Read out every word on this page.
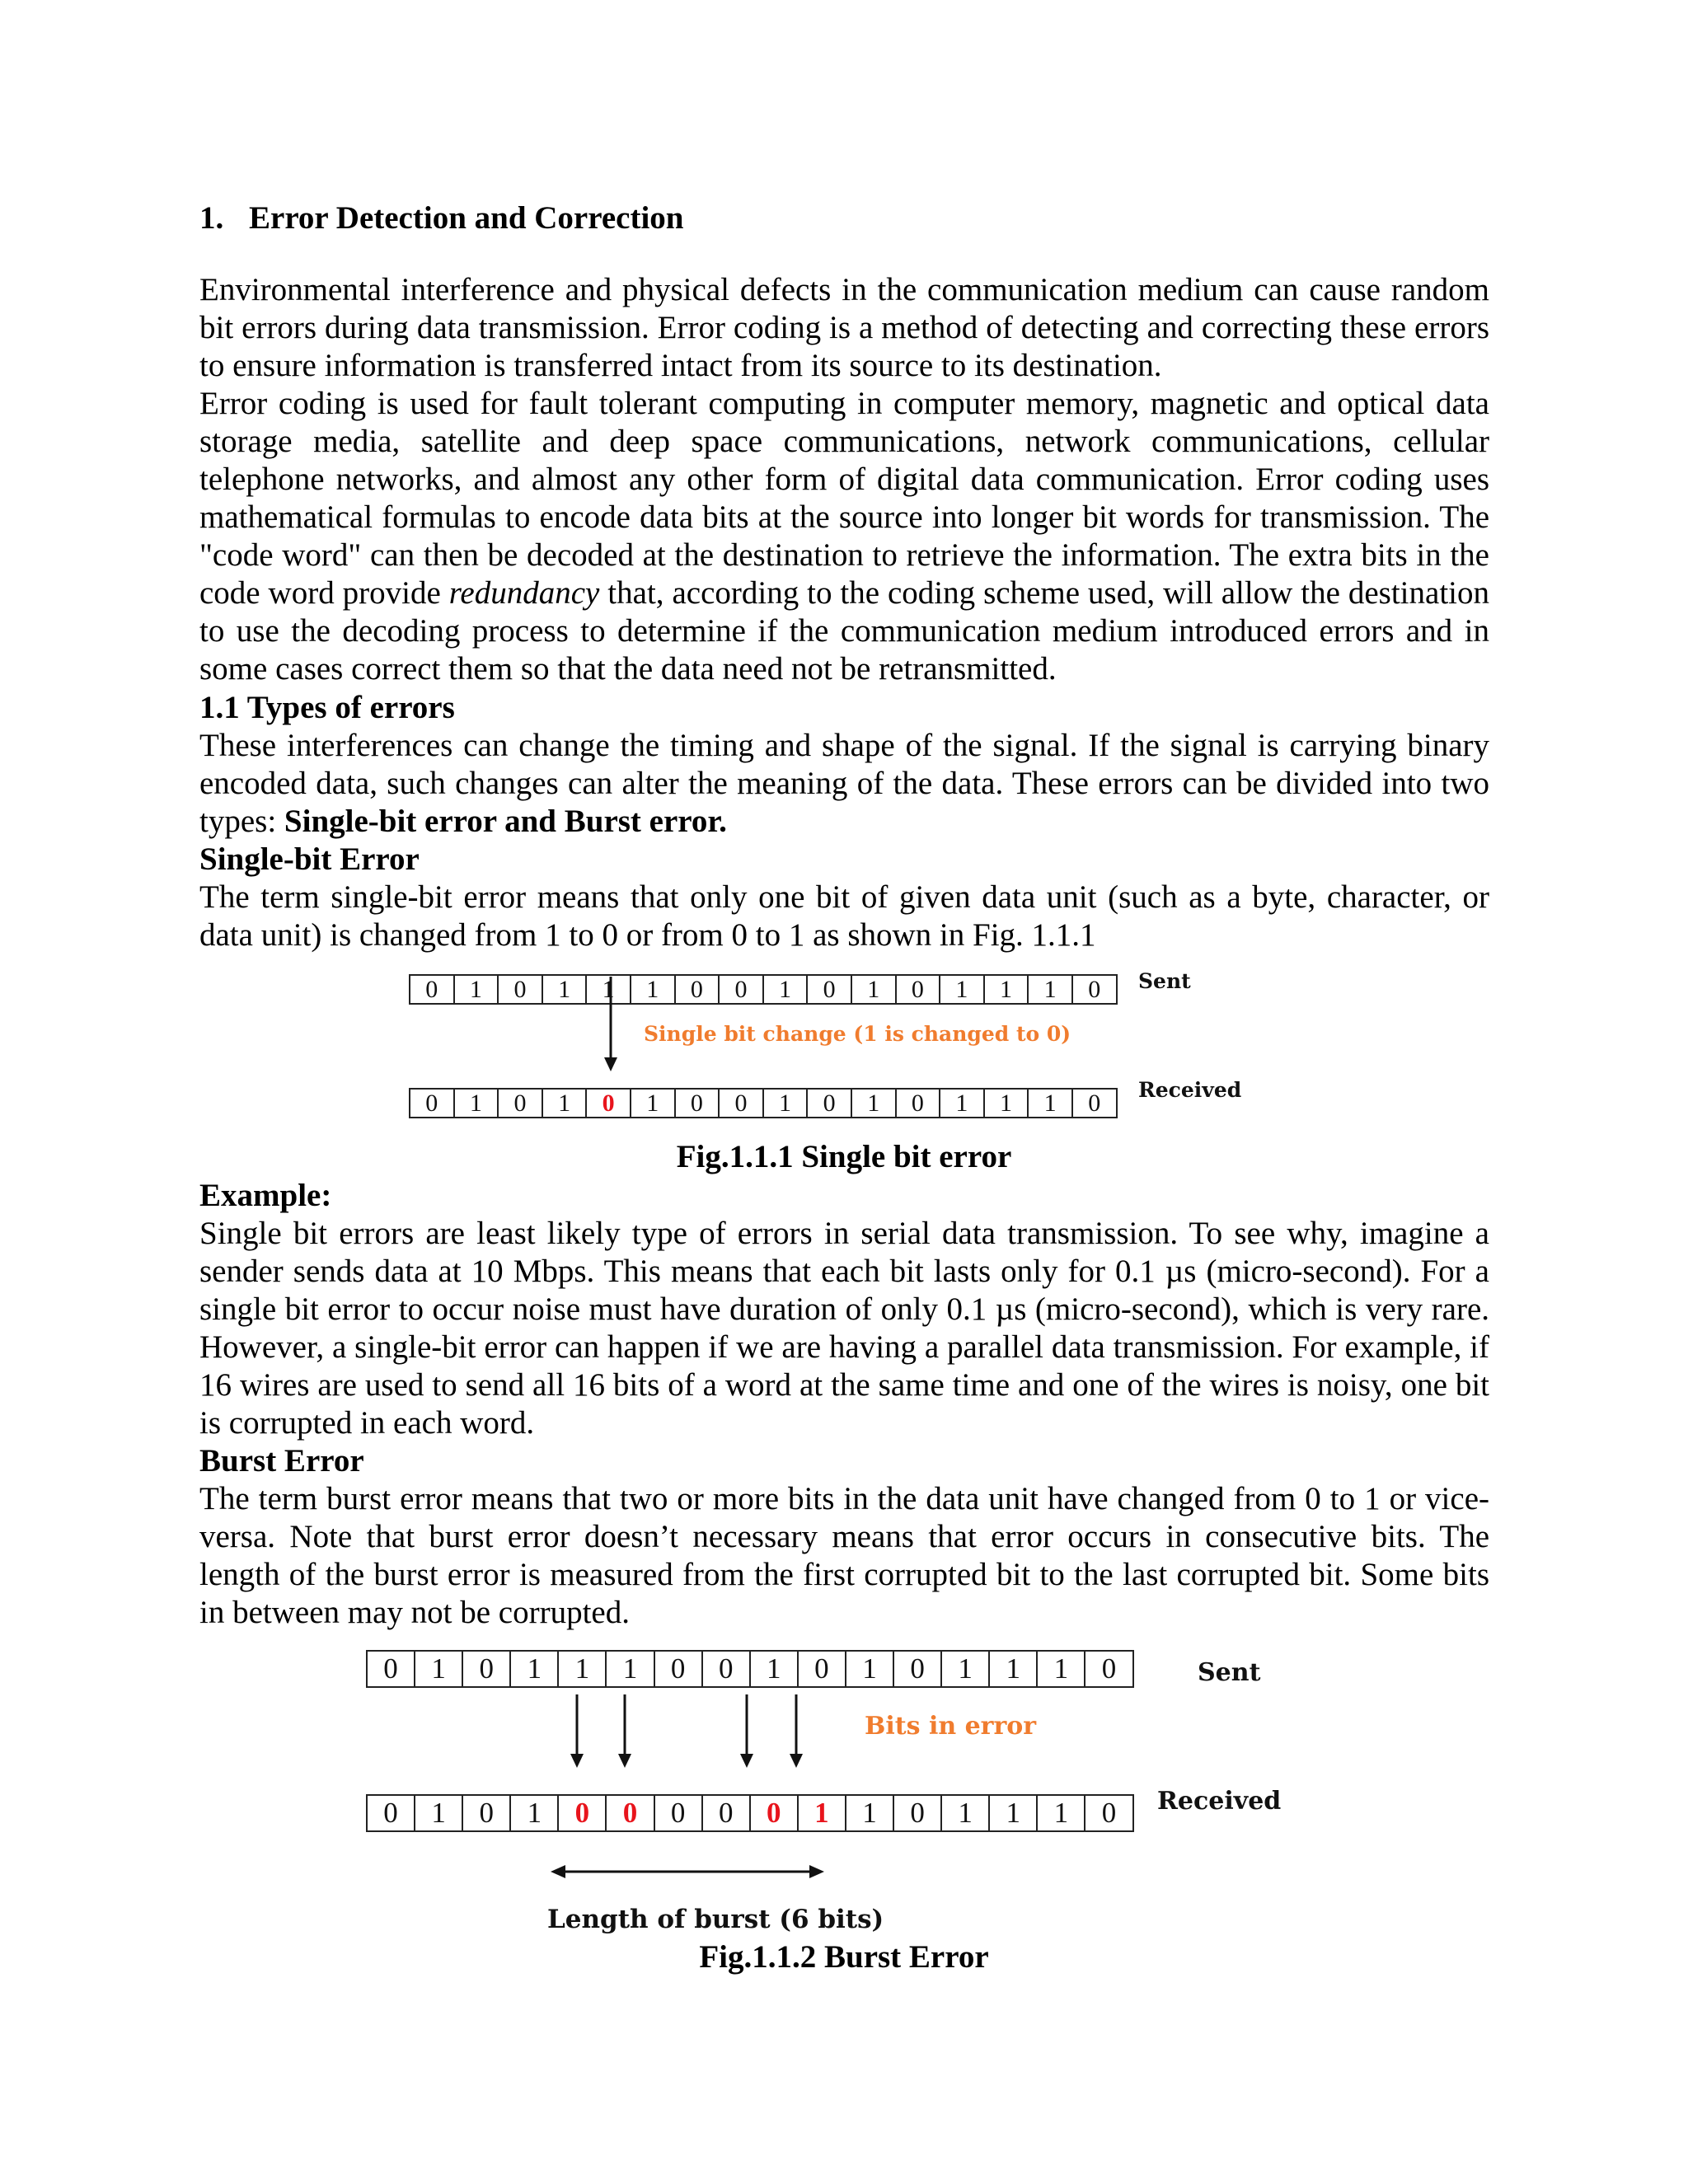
1. Error Detection and Correction

Environmental interference and physical defects in the communication medium can cause random bit errors during data transmission. Error coding is a method of detecting and correcting these errors to ensure information is transferred intact from its source to its destination.

Error coding is used for fault tolerant computing in computer memory, magnetic and optical data storage media, satellite and deep space communications, network communications, cellular telephone networks, and almost any other form of digital data communication. Error coding uses mathematical formulas to encode data bits at the source into longer bit words for transmission. The "code word" can then be decoded at the destination to retrieve the information. The extra bits in the code word provide redundancy that, according to the coding scheme used, will allow the destination to use the decoding process to determine if the communication medium introduced errors and in some cases correct them so that the data need not be retransmitted.

1.1 Types of errors

These interferences can change the timing and shape of the signal. If the signal is carrying binary encoded data, such changes can alter the meaning of the data. These errors can be divided into two types: Single-bit error and Burst error.

Single-bit Error

The term single-bit error means that only one bit of given data unit (such as a byte, character, or data unit) is changed from 1 to 0 or from 0 to 1 as shown in Fig. 1.1.1

0	1	0	1	1	1	0	0	1	0	1	0	1	1	1	0	Sent
Single bit change (1 is changed to 0)
0	1	0	1	0	1	0	0	1	0	1	0	1	1	1	0	Received
Fig.1.1.1 Single bit error
Example:

Single bit errors are least likely type of errors in serial data transmission. To see why, imagine a sender sends data at 10 Mbps. This means that each bit lasts only for 0.1 µs (micro-second). For a single bit error to occur noise must have duration of only 0.1 µs (micro-second), which is very rare. However, a single-bit error can happen if we are having a parallel data transmission. For example, if 16 wires are used to send all 16 bits of a word at the same time and one of the wires is noisy, one bit is corrupted in each word.

Burst Error

The term burst error means that two or more bits in the data unit have changed from 0 to 1 or vice-versa. Note that burst error doesn’t necessary means that error occurs in consecutive bits. The length of the burst error is measured from the first corrupted bit to the last corrupted bit. Some bits in between may not be corrupted.

0	1	0	1	1	1	0	0	1	0	1	0	1	1	1	0	Sent
Bits in error
0	1	0	1	0	0	0	0	0	1	1	0	1	1	1	0	Received
Length of burst (6 bits)
Fig.1.1.2 Burst Error
